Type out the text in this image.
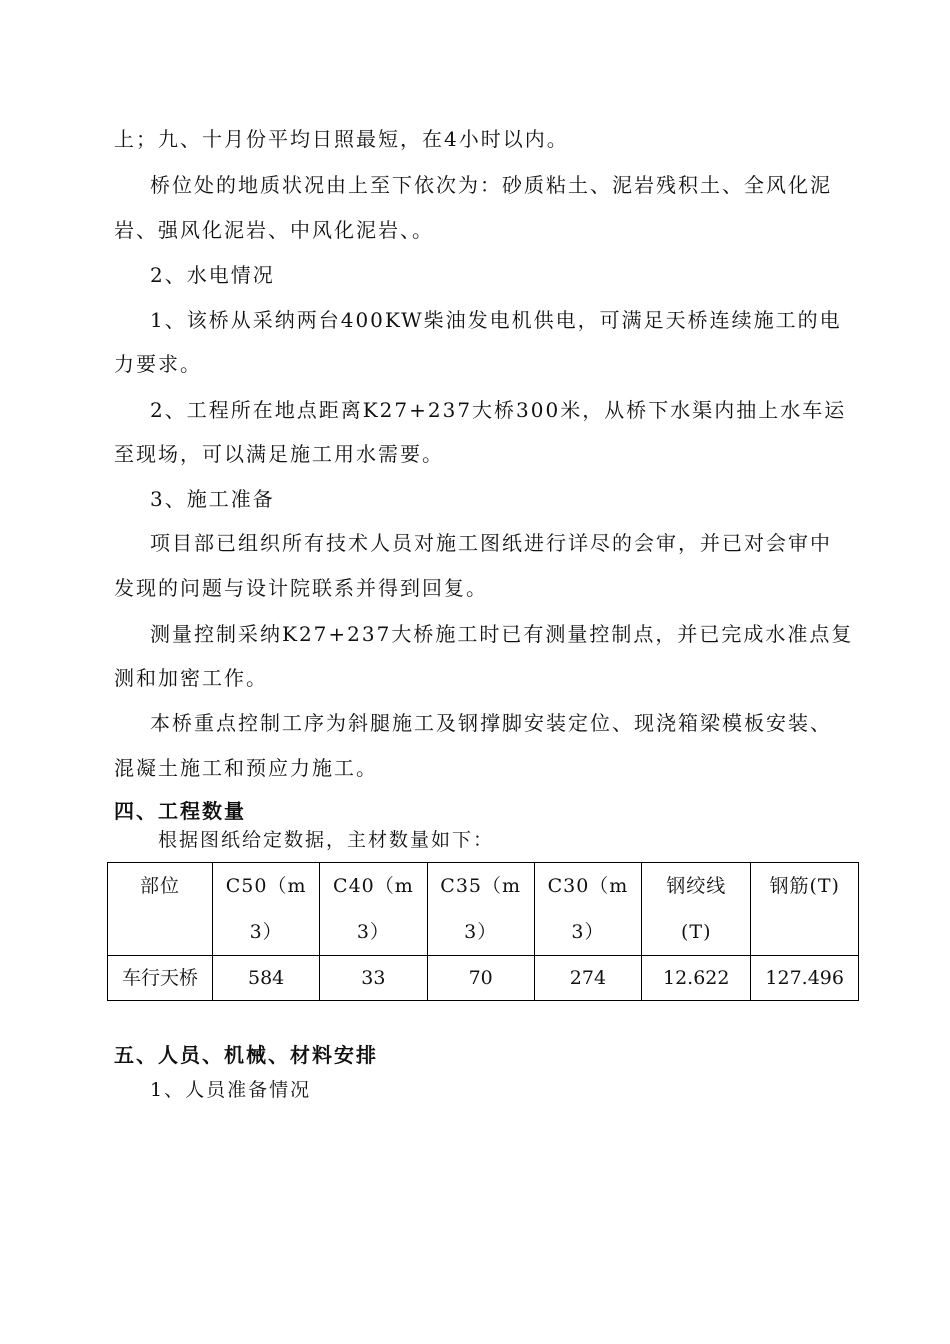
上；九、十月份平均日照最短，在4小时以内。
桥位处的地质状况由上至下依次为：砂质粘土、泥岩残积土、全风化泥
岩、强风化泥岩、中风化泥岩、。
2、水电情况
1、该桥从采纳两台400KW柴油发电机供电，可满足天桥连续施工的电
力要求。
2、工程所在地点距离K27+237大桥300米，从桥下水渠内抽上水车运
至现场，可以满足施工用水需要。
3、施工准备
项目部已组织所有技术人员对施工图纸进行详尽的会审，并已对会审中
发现的问题与设计院联系并得到回复。
测量控制采纳K27+237大桥施工时已有测量控制点，并已完成水准点复
测和加密工作。
本桥重点控制工序为斜腿施工及钢撑脚安装定位、现浇箱梁模板安装、
混凝土施工和预应力施工。
四、工程数量
根据图纸给定数据，主材数量如下：
部位	C50（m3）	C40（m3）	C35（m3）	C30（m3）	钢绞线(T)	钢筋(T)

车行天桥	584	33	70	274	12.622	127.496
五、人员、机械、材料安排
1、人员准备情况
